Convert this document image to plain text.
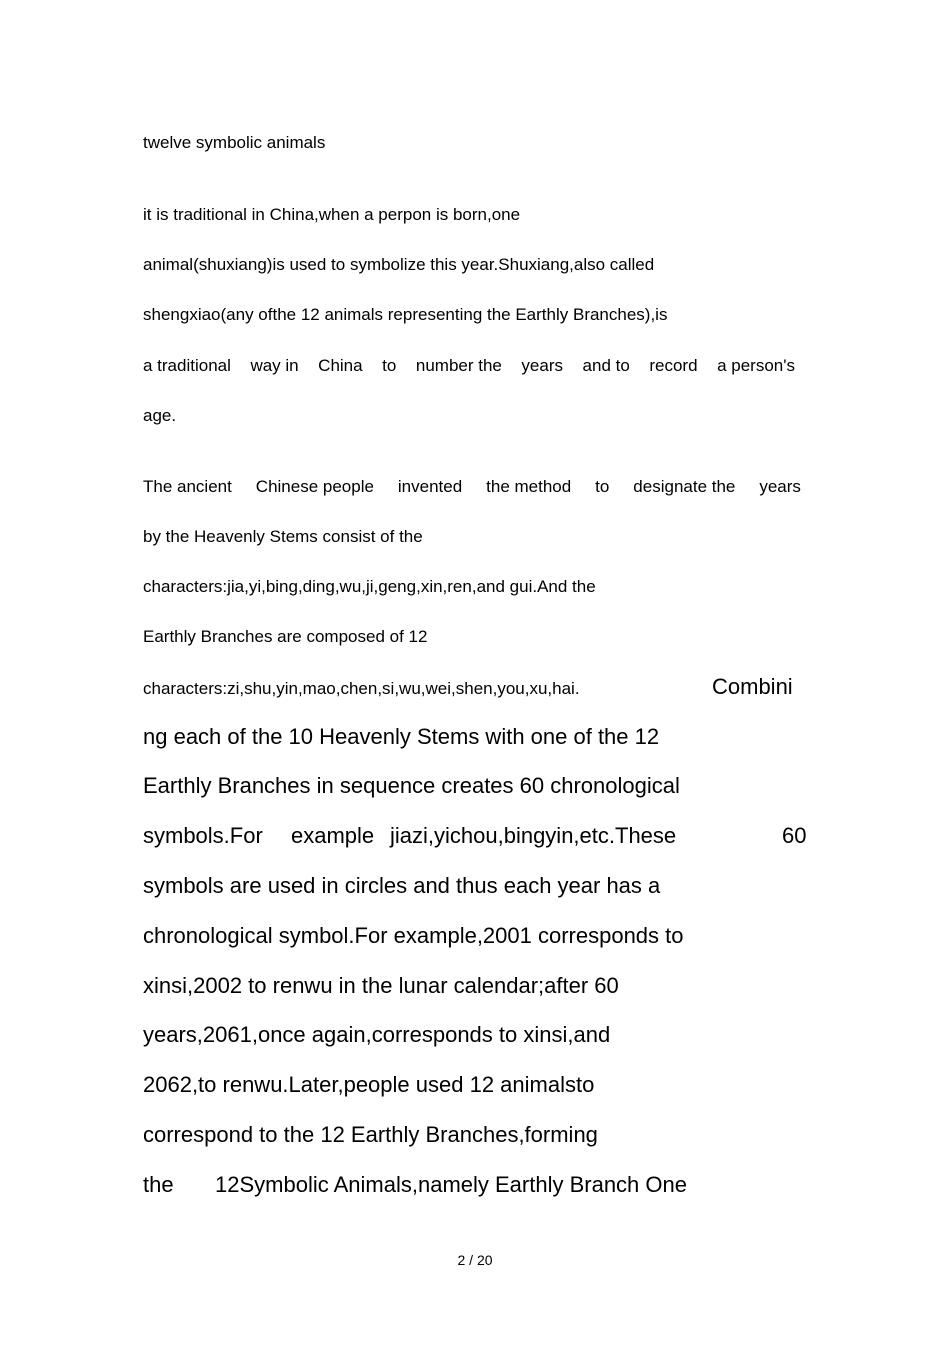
twelve symbolic animals
it is traditional in China,when a perpon is born,one
animal(shuxiang)is used to symbolize this year.Shuxiang,also called
shengxiao(any ofthe 12 animals representing the Earthly Branches),is
a traditional way in China to number the years and to record a person's
age.
The ancient Chinese people invented the method to designate the years
by the Heavenly Stems consist of the
characters:jia,yi,bing,ding,wu,ji,geng,xin,ren,and gui.And the
Earthly Branches are composed of 12
characters:zi,shu,yin,mao,chen,si,wu,wei,shen,you,xu,hai.	Combini
ng each of the 10 Heavenly Stems with one of the 12
Earthly Branches in sequence creates 60 chronological
symbols.For example jiazi,yichou,bingyin,etc.These	60
symbols are used in circles and thus each year has a
chronological symbol.For example,2001 corresponds to
xinsi,2002 to renwu in the lunar calendar;after 60
years,2061,once again,corresponds to xinsi,and
2062,to renwu.Later,people used 12 animalsto
correspond to the 12 Earthly Branches,forming
the 12Symbolic Animals,namely Earthly Branch One
2 / 20
